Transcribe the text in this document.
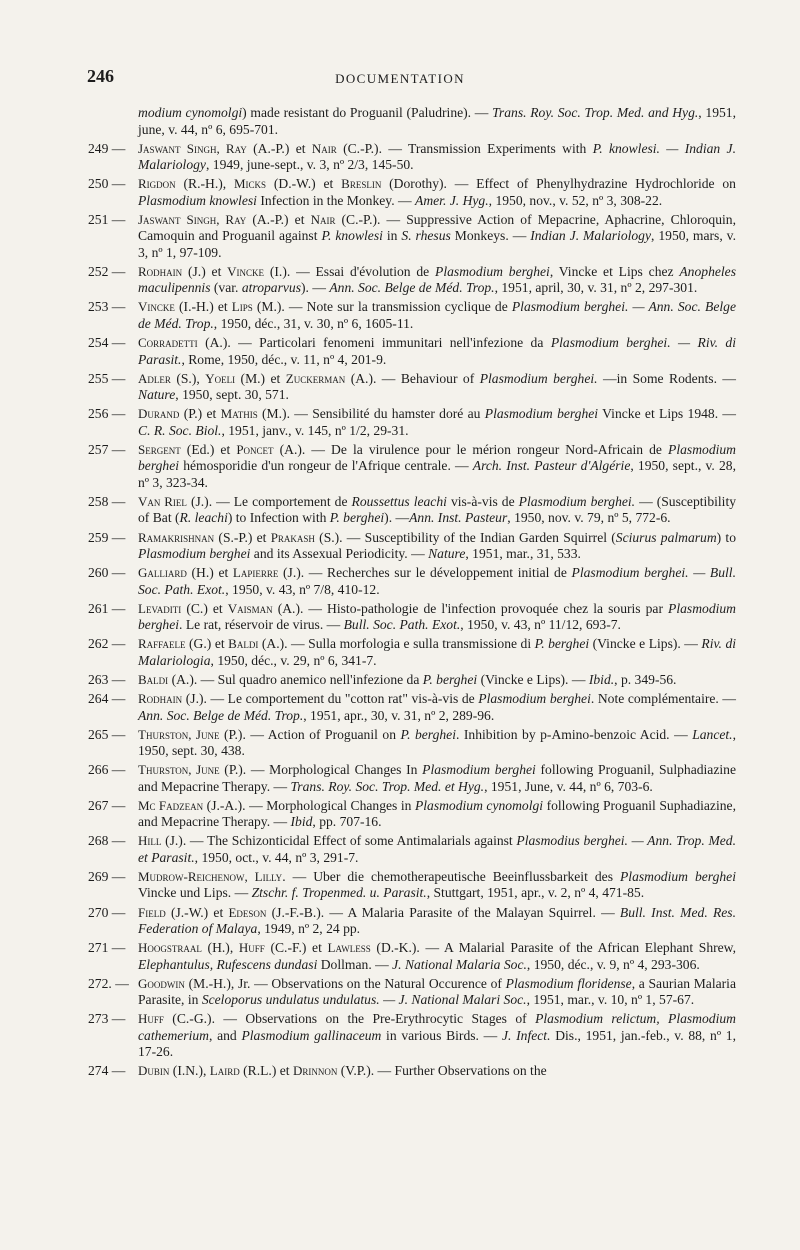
246	DOCUMENTATION
modium cynomolgi) made resistant do Proguanil (Paludrine). — Trans. Roy. Soc. Trop. Med. and Hyg., 1951, june, v. 44, nº 6, 695-701.
249 — Jaswant Singh, Ray (A.-P.) et Nair (C.-P.). — Transmission Experiments with P. knowlesi. — Indian J. Malariology, 1949, june-sept., v. 3, nº 2/3, 145-50.
250 — Rigdon (R.-H.), Micks (D.-W.) et Breslin (Dorothy). — Effect of Phenylhydrazine Hydrochloride on Plasmodium knowlesi Infection in the Monkey. — Amer. J. Hyg., 1950, nov., v. 52, nº 3, 308-22.
251 — Jaswant Singh, Ray (A.-P.) et Nair (C.-P.). — Suppressive Action of Mepacrine, Aphacrine, Chloroquin, Camoquin and Proguanil against P. knowlesi in S. rhesus Monkeys. — Indian J. Malariology, 1950, mars, v. 3, nº 1, 97-109.
252 — Rodhain (J.) et Vincke (I.). — Essai d'évolution de Plasmodium berghei, Vincke et Lips chez Anopheles maculipennis (var. atroparvus). — Ann. Soc. Belge de Méd. Trop., 1951, april, 30, v. 31, nº 2, 297-301.
253 — Vincke (I.-H.) et Lips (M.). — Note sur la transmission cyclique de Plasmodium berghei. — Ann. Soc. Belge de Méd. Trop., 1950, déc., 31, v. 30, nº 6, 1605-11.
254 — Corradetti (A.). — Particolari fenomeni immunitari nell'infezione da Plasmodium berghei. — Riv. di Parasit., Rome, 1950, déc., v. 11, nº 4, 201-9.
255 — Adler (S.), Yoeli (M.) et Zuckerman (A.). — Behaviour of Plasmodium berghei. —in Some Rodents. — Nature, 1950, sept. 30, 571.
256 — Durand (P.) et Mathis (M.). — Sensibilité du hamster doré au Plasmodium berghei Vincke et Lips 1948. — C. R. Soc. Biol., 1951, janv., v. 145, nº 1/2, 29-31.
257 — Sergent (Ed.) et Poncet (A.). — De la virulence pour le mérion rongeur Nord-Africain de Plasmodium berghei hémosporidie d'un rongeur de l'Afrique centrale. — Arch. Inst. Pasteur d'Algérie, 1950, sept., v. 28, nº 3, 323-34.
258 — Van Riel (J.). — Le comportement de Roussettus leachi vis-à-vis de Plasmodium berghei. — (Susceptibility of Bat (R. leachi) to Infection with P. berghei). —Ann. Inst. Pasteur, 1950, nov. v. 79, nº 5, 772-6.
259 — Ramakrishnan (S.-P.) et Prakash (S.). — Susceptibility of the Indian Garden Squirrel (Sciurus palmarum) to Plasmodium berghei and its Assexual Periodicity. — Nature, 1951, mar., 31, 533.
260 — Galliard (H.) et Lapierre (J.). — Recherches sur le développement initial de Plasmodium berghei. — Bull. Soc. Path. Exot., 1950, v. 43, nº 7/8, 410-12.
261 — Levaditi (C.) et Vaisman (A.). — Histo-pathologie de l'infection provoquée chez la souris par Plasmodium berghei. Le rat, réservoir de virus. — Bull. Soc. Path. Exot., 1950, v. 43, nº 11/12, 693-7.
262 — Raffaele (G.) et Baldi (A.). — Sulla morfologia e sulla transmissione di P. berghei (Vincke e Lips). — Riv. di Malariologia, 1950, déc., v. 29, nº 6, 341-7.
263 — Baldi (A.). — Sul quadro anemico nell'infezione da P. berghei (Vincke e Lips). — Ibid., p. 349-56.
264 — Rodhain (J.). — Le comportement du "cotton rat" vis-à-vis de Plasmodium berghei. Note complémentaire. — Ann. Soc. Belge de Méd. Trop., 1951, apr., 30, v. 31, nº 2, 289-96.
265 — Thurston, June (P.). — Action of Proguanil on P. berghei. Inhibition by p-Amino-benzoic Acid. — Lancet., 1950, sept. 30, 438.
266 — Thurston, June (P.). — Morphological Changes In Plasmodium berghei following Proguanil, Sulphadiazine and Mepacrine Therapy. — Trans. Roy. Soc. Trop. Med. et Hyg., 1951, June, v. 44, nº 6, 703-6.
267 — Mc Fadzean (J.-A.). — Morphological Changes in Plasmodium cynomolgi following Proguanil Suphadiazine, and Mepacrine Therapy. — Ibid, pp. 707-16.
268 — Hill (J.). — The Schizonticidal Effect of some Antimalarials against Plasmodius berghei. — Ann. Trop. Med. et Parasit., 1950, oct., v. 44, nº 3, 291-7.
269 — Mudrow-Reichenow, Lilly. — Uber die chemotherapeutische Beeinflussbarkeit des Plasmodium berghei Vincke und Lips. — Ztschr. f. Tropenmed. u. Parasit., Stuttgart, 1951, apr., v. 2, nº 4, 471-85.
270 — Field (J.-W.) et Edeson (J.-F.-B.). — A Malaria Parasite of the Malayan Squirrel. — Bull. Inst. Med. Res. Federation of Malaya, 1949, nº 2, 24 pp.
271 — Hoogstraal (H.), Huff (C.-F.) et Lawless (D.-K.). — A Malarial Parasite of the African Elephant Shrew, Elephantulus, Rufescens dundasi Dollman. — J. National Malaria Soc., 1950, déc., v. 9, nº 4, 293-306.
272. — Goodwin (M.-H.), Jr. — Observations on the Natural Occurence of Plasmodium floridense, a Saurian Malaria Parasite, in Sceloporus undulatus undulatus. — J. National Malari Soc., 1951, mar., v. 10, nº 1, 57-67.
273 — Huff (C.-G.). — Observations on the Pre-Erythrocytic Stages of Plasmodium relictum, Plasmodium cathemerium, and Plasmodium gallinaceum in various Birds. — J. Infect. Dis., 1951, jan.-feb., v. 88, nº 1, 17-26.
274 — Dubin (I.N.), Laird (R.L.) et Drinnon (V.P.). — Further Observations on the
